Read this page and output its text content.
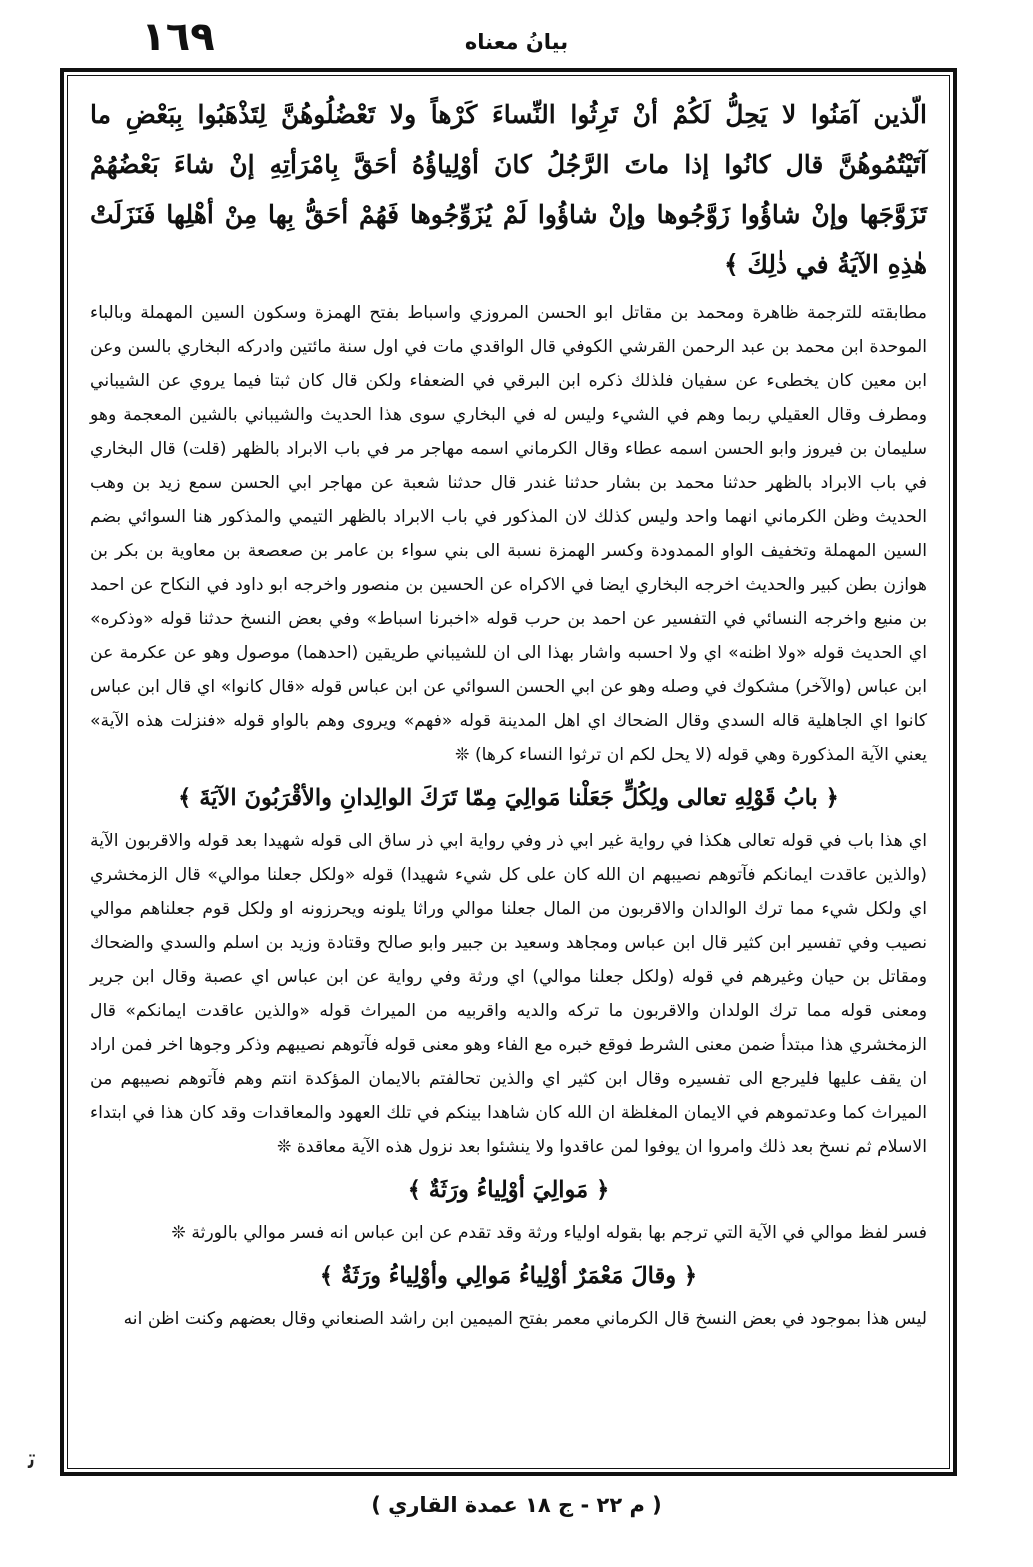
١٦٩	بيانُ معناه

الّذين آمَنُوا لا يَحِلُّ لَكُمْ أنْ تَرِثُوا النِّساءَ كَرْهاً ولا تَعْضُلُوهُنَّ لِتَذْهَبُوا بِبَعْضِ ما آتَيْتُمُوهُنَّ قال كانُوا إذا ماتَ الرَّجُلُ كانَ أوْلِياؤُهُ أحَقَّ بِامْرَأتِهِ إنْ شاءَ بَعْضُهُمْ تَزَوَّجَها وإنْ شاؤُوا زَوَّجُوها وإنْ شاؤُوا لَمْ يُزَوِّجُوها فَهُمْ أحَقُّ بِها مِنْ أهْلِها فَنَزَلَتْ هٰذِهِ الآيَةُ في ذٰلِكَ ﴾

مطابقته للترجمة ظاهرة ومحمد بن مقاتل ابو الحسن المروزي واسباط بفتح الهمزة وسكون السين المهملة وبالباء الموحدة ابن محمد بن عبد الرحمن القرشي الكوفي قال الواقدي مات في اول سنة مائتين وادركه البخاري بالسن وعن ابن معين كان يخطىء عن سفيان فلذلك ذكره ابن البرقي في الضعفاء ولكن قال كان ثبتا فيما يروي عن الشيباني ومطرف وقال العقيلي ربما وهم في الشيء وليس له في البخاري سوى هذا الحديث والشيباني بالشين المعجمة وهو سليمان بن فيروز وابو الحسن اسمه عطاء وقال الكرماني اسمه مهاجر مر في باب الابراد بالظهر (قلت) قال البخاري في باب الابراد بالظهر حدثنا محمد بن بشار حدثنا غندر قال حدثنا شعبة عن مهاجر ابي الحسن سمع زيد بن وهب الحديث وظن الكرماني انهما واحد وليس كذلك لان المذكور في باب الابراد بالظهر التيمي والمذكور هنا السوائي بضم السين المهملة وتخفيف الواو الممدودة وكسر الهمزة نسبة الى بني سواء بن عامر بن صعصعة بن معاوية بن بكر بن هوازن بطن كبير والحديث اخرجه البخاري ايضا في الاكراه عن الحسين بن منصور واخرجه ابو داود في النكاح عن احمد بن منيع واخرجه النسائي في التفسير عن احمد بن حرب قوله «اخبرنا اسباط» وفي بعض النسخ حدثنا قوله «وذكره» اي الحديث قوله «ولا اظنه» اي ولا احسبه واشار بهذا الى ان للشيباني طريقين (احدهما) موصول وهو عن عكرمة عن ابن عباس (والآخر) مشكوك في وصله وهو عن ابي الحسن السوائي عن ابن عباس قوله «قال كانوا» اي قال ابن عباس كانوا اي الجاهلية قاله السدي وقال الضحاك اي اهل المدينة قوله «فهم» ويروى وهم بالواو قوله «فنزلت هذه الآية» يعني الآية المذكورة وهي قوله (لا يحل لكم ان ترثوا النساء كرها) ❊

﴿ بابُ قَوْلِهِ تعالى ولِكُلٍّ جَعَلْنا مَوالِيَ مِمّا تَرَكَ الوالِدانِ والأقْرَبُونَ الآيَةَ ﴾

اي هذا باب في قوله تعالى هكذا في رواية غير ابي ذر وفي رواية ابي ذر ساق الى قوله شهيدا بعد قوله والاقربون الآية (والذين عاقدت ايمانكم فآتوهم نصيبهم ان الله كان على كل شيء شهيدا) قوله «ولكل جعلنا موالي» قال الزمخشري اي ولكل شيء مما ترك الوالدان والاقربون من المال جعلنا موالي وراثا يلونه ويحرزونه او ولكل قوم جعلناهم موالي نصيب وفي تفسير ابن كثير قال ابن عباس ومجاهد وسعيد بن جبير وابو صالح وقتادة وزيد بن اسلم والسدي والضحاك ومقاتل بن حيان وغيرهم في قوله (ولكل جعلنا موالي) اي ورثة وفي رواية عن ابن عباس اي عصبة وقال ابن جرير ومعنى قوله مما ترك الولدان والاقربون ما تركه والديه واقربيه من الميراث قوله «والذين عاقدت ايمانكم» قال الزمخشري هذا مبتدأ ضمن معنى الشرط فوقع خبره مع الفاء وهو معنى قوله فآتوهم نصيبهم وذكر وجوها اخر فمن اراد ان يقف عليها فليرجع الى تفسيره وقال ابن كثير اي والذين تحالفتم بالايمان المؤكدة انتم وهم فآتوهم نصيبهم من الميراث كما وعدتموهم في الايمان المغلظة ان الله كان شاهدا بينكم في تلك العهود والمعاقدات وقد كان هذا في ابتداء الاسلام ثم نسخ بعد ذلك وامروا ان يوفوا لمن عاقدوا ولا ينشئوا بعد نزول هذه الآية معاقدة ❊

﴿ مَوالِيَ أوْلِياءُ ورَثَةٌ ﴾

فسر لفظ موالي في الآية التي ترجم بها بقوله اولياء ورثة وقد تقدم عن ابن عباس انه فسر موالي بالورثة ❊

﴿ وقالَ مَعْمَرٌ أوْلِياءُ مَوالِي وأوْلِياءُ ورَثَةٌ ﴾

ليس هذا بموجود في بعض النسخ قال الكرماني معمر بفتح الميمين ابن راشد الصنعاني وقال بعضهم وكنت اظن انه

ﺗ
( م ٢٢ - ج ١٨ عمدة القاري )
